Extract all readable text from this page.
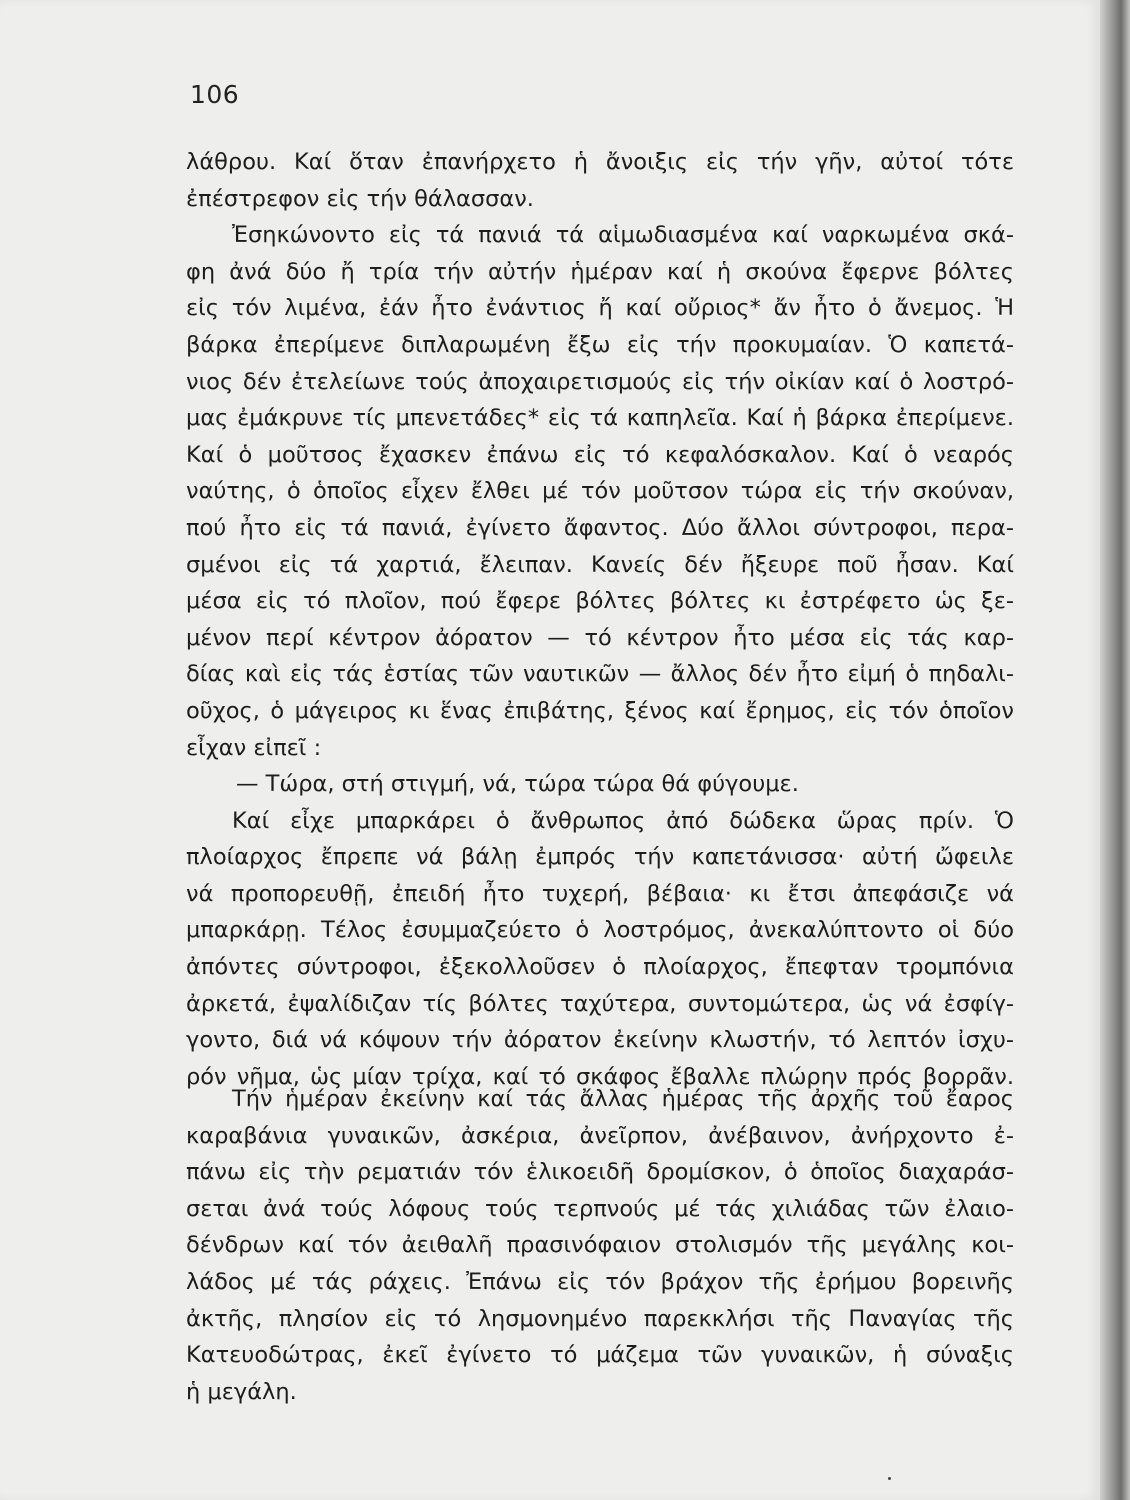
106
λάθρου. Καί ὅταν ἐπανήρχετο ἡ ἄνοιξις εἰς τήν γῆν, αὐτοί τότε
ἐπέστρεφον εἰς τήν θάλασσαν.
Ἐσηκώνοντο εἰς τά πανιά τά αἱμωδιασμένα καί ναρκωμένα σκά-
φη ἀνά δύο ἤ τρία τήν αὐτήν ἡμέραν καί ἡ σκούνα ἔφερνε βόλτες
εἰς τόν λιμένα, ἐάν ἦτο ἐνάντιος ἤ καί οὔριος* ἄν ἦτο ὁ ἄνεμος. Ἡ
βάρκα ἐπερίμενε διπλαρωμένη ἔξω εἰς τήν προκυμαίαν. Ὁ καπετά-
νιος δέν ἐτελείωνε τούς ἀποχαιρετισμούς εἰς τήν οἰκίαν καί ὁ λοστρό-
μας ἐμάκρυνε τίς μπενετάδες* εἰς τά καπηλεῖα. Καί ἡ βάρκα ἐπερίμενε.
Καί ὁ μοῦτσος ἔχασκεν ἐπάνω εἰς τό κεφαλόσκαλον. Καί ὁ νεαρός
ναύτης, ὁ ὁποῖος εἶχεν ἔλθει μέ τόν μοῦτσον τώρα εἰς τήν σκούναν,
πού ἦτο εἰς τά πανιά, ἐγίνετο ἄφαντος. Δύο ἄλλοι σύντροφοι, περα-
σμένοι εἰς τά χαρτιά, ἔλειπαν. Κανείς δέν ἤξευρε ποῦ ἦσαν. Καί
μέσα εἰς τό πλοῖον, πού ἔφερε βόλτες βόλτες κι ἐστρέφετο ὡς ξε-
μένον περί κέντρον ἀόρατον — τό κέντρον ἦτο μέσα εἰς τάς καρ-
δίας καὶ εἰς τάς ἑστίας τῶν ναυτικῶν — ἄλλος δέν ἦτο εἰμή ὁ πηδαλι-
οῦχος, ὁ μάγειρος κι ἕνας ἐπιβάτης, ξένος καί ἔρημος, εἰς τόν ὁποῖον
εἶχαν εἰπεῖ :
— Τώρα, στή στιγμή, νά, τώρα τώρα θά φύγουμε.
Καί εἶχε μπαρκάρει ὁ ἄνθρωπος ἀπό δώδεκα ὥρας πρίν. Ὁ
πλοίαρχος ἔπρεπε νά βάλῃ ἐμπρός τήν καπετάνισσα· αὐτή ὤφειλε
νά προπορευθῇ, ἐπειδή ἦτο τυχερή, βέβαια· κι ἔτσι ἀπεφάσιζε νά
μπαρκάρῃ. Τέλος ἐσυμμαζεύετο ὁ λοστρόμος, ἀνεκαλύπτοντο οἱ δύο
ἀπόντες σύντροφοι, ἐξεκολλοῦσεν ὁ πλοίαρχος, ἔπεφταν τρομπόνια
ἀρκετά, ἐψαλίδιζαν τίς βόλτες ταχύτερα, συντομώτερα, ὡς νά ἐσφίγ-
γοντο, διά νά κόψουν τήν ἀόρατον ἐκείνην κλωστήν, τό λεπτόν ἰσχυ-
ρόν νῆμα, ὡς μίαν τρίχα, καί τό σκάφος ἔβαλλε πλώρην πρός βορρᾶν.
Τήν ἡμέραν ἐκείνην καί τάς ἄλλας ἡμέρας τῆς ἀρχῆς τοῦ ἔαρος
καραβάνια γυναικῶν, ἀσκέρια, ἀνεῖρπον, ἀνέβαινον, ἀνήρχοντο ἐ-
πάνω εἰς τὴν ρεματιάν τόν ἑλικοειδῆ δρομίσκον, ὁ ὁποῖος διαχαράσ-
σεται ἀνά τούς λόφους τούς τερπνούς μέ τάς χιλιάδας τῶν ἐλαιο-
δένδρων καί τόν ἀειθαλῆ πρασινόφαιον στολισμόν τῆς μεγάλης κοι-
λάδος μέ τάς ράχεις. Ἐπάνω εἰς τόν βράχον τῆς ἐρήμου βορεινῆς
ἀκτῆς, πλησίον εἰς τό λησμονημένο παρεκκλήσι τῆς Παναγίας τῆς
Κατευοδώτρας, ἐκεῖ ἐγίνετο τό μάζεμα τῶν γυναικῶν, ἡ σύναξις
ἡ μεγάλη.
